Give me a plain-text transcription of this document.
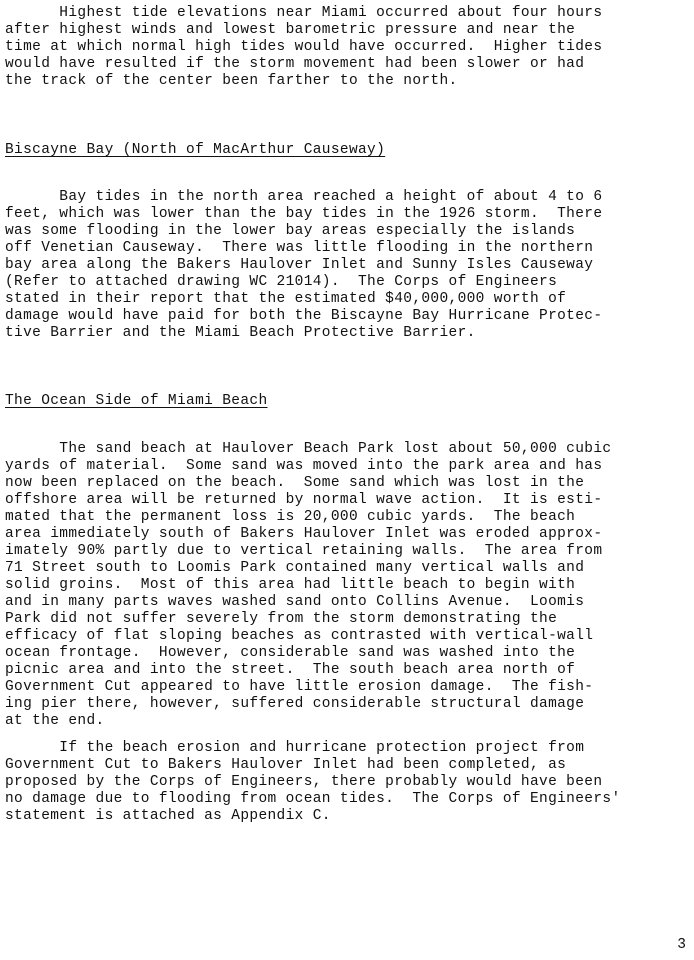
Highest tide elevations near Miami occurred about four hours
after highest winds and lowest barometric pressure and near the
time at which normal high tides would have occurred.  Higher tides
would have resulted if the storm movement had been slower or had
the track of the center been farther to the north.
Biscayne Bay (North of MacArthur Causeway)
Bay tides in the north area reached a height of about 4 to 6
feet, which was lower than the bay tides in the 1926 storm.  There
was some flooding in the lower bay areas especially the islands
off Venetian Causeway.  There was little flooding in the northern
bay area along the Bakers Haulover Inlet and Sunny Isles Causeway
(Refer to attached drawing WC 21014).  The Corps of Engineers
stated in their report that the estimated $40,000,000 worth of
damage would have paid for both the Biscayne Bay Hurricane Protec-
tive Barrier and the Miami Beach Protective Barrier.
The Ocean Side of Miami Beach
The sand beach at Haulover Beach Park lost about 50,000 cubic
yards of material.  Some sand was moved into the park area and has
now been replaced on the beach.  Some sand which was lost in the
offshore area will be returned by normal wave action.  It is esti-
mated that the permanent loss is 20,000 cubic yards.  The beach
area immediately south of Bakers Haulover Inlet was eroded approx-
imately 90% partly due to vertical retaining walls.  The area from
71 Street south to Loomis Park contained many vertical walls and
solid groins.  Most of this area had little beach to begin with
and in many parts waves washed sand onto Collins Avenue.  Loomis
Park did not suffer severely from the storm demonstrating the
efficacy of flat sloping beaches as contrasted with vertical-wall
ocean frontage.  However, considerable sand was washed into the
picnic area and into the street.  The south beach area north of
Government Cut appeared to have little erosion damage.  The fish-
ing pier there, however, suffered considerable structural damage
at the end.
If the beach erosion and hurricane protection project from
Government Cut to Bakers Haulover Inlet had been completed, as
proposed by the Corps of Engineers, there probably would have been
no damage due to flooding from ocean tides.  The Corps of Engineers'
statement is attached as Appendix C.
3
